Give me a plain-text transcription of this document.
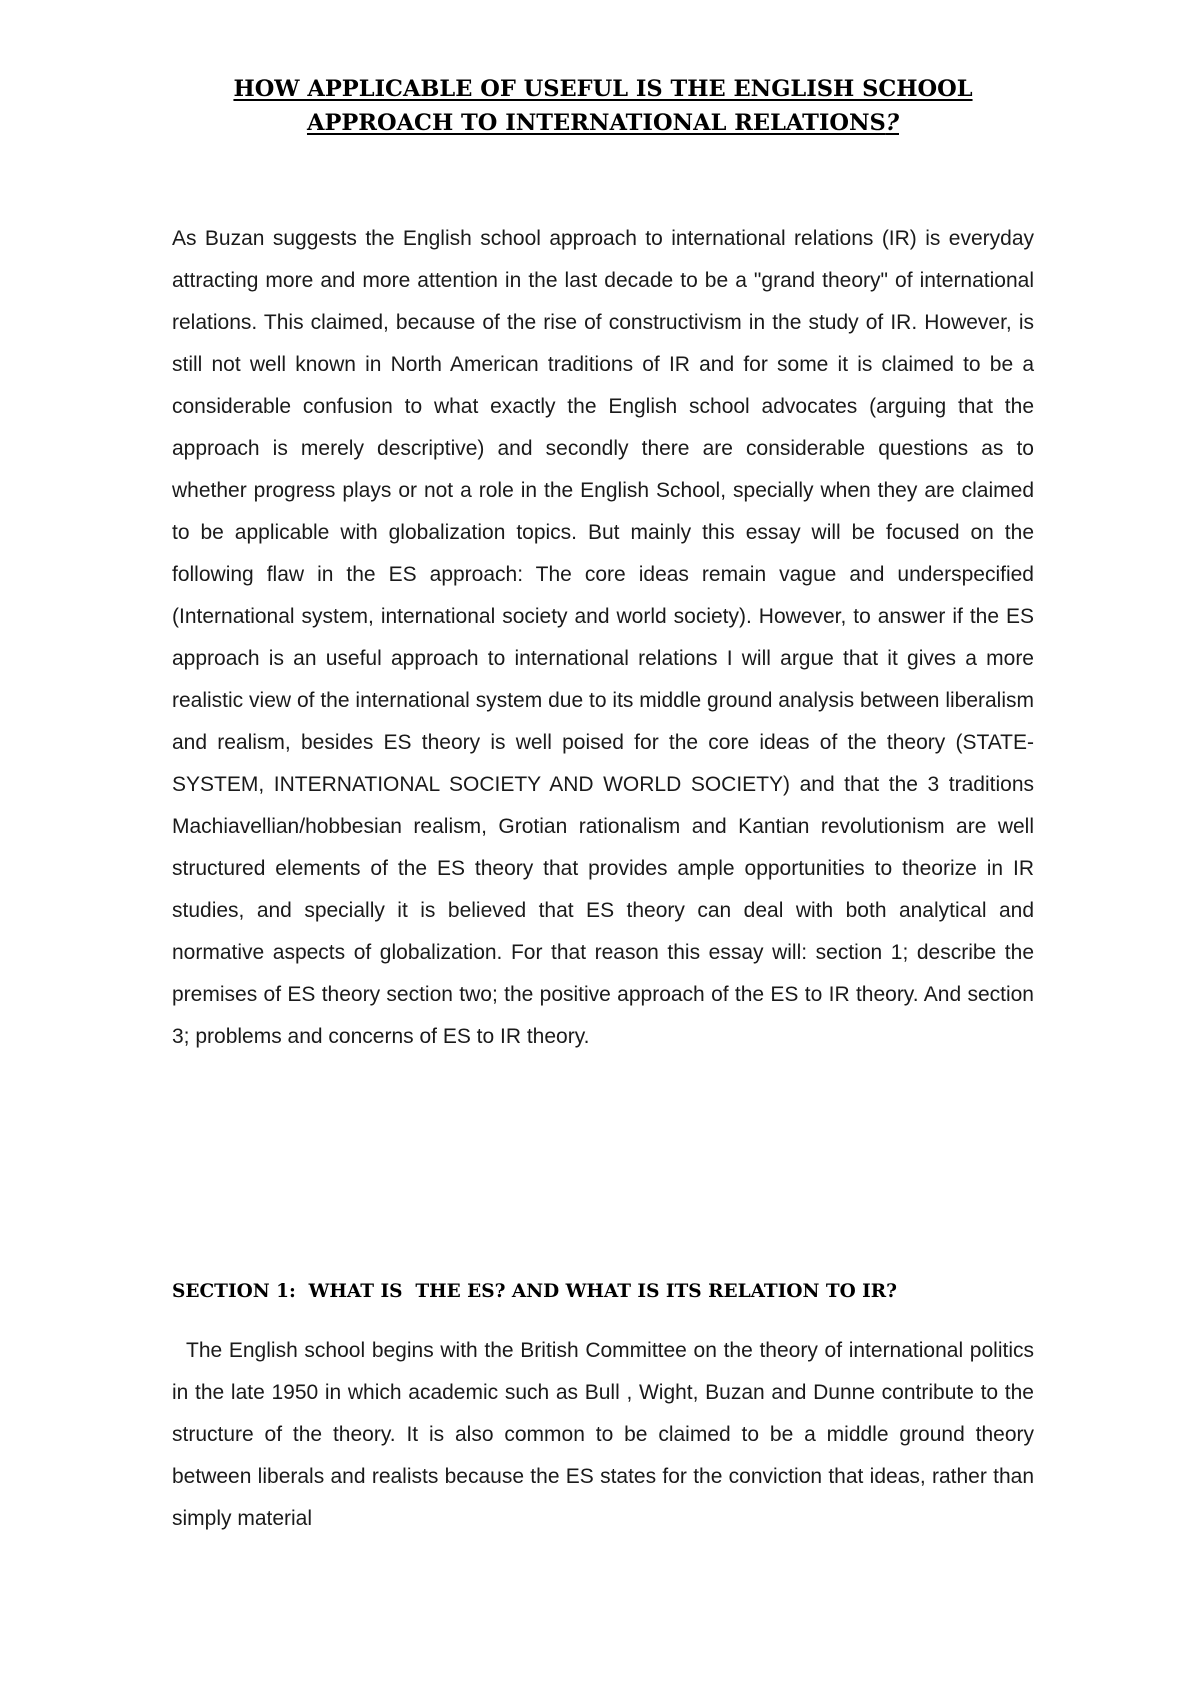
HOW APPLICABLE OF USEFUL IS THE ENGLISH SCHOOL
APPROACH TO INTERNATIONAL RELATIONS?

As Buzan suggests the English school approach to international relations (IR) is everyday attracting more and more attention in the last decade to be a "grand theory" of international relations. This claimed, because of the rise of constructivism in the study of IR. However, is still not well known in North American traditions of IR and for some it is claimed to be a considerable confusion to what exactly the English school advocates (arguing that the approach is merely descriptive) and secondly there are considerable questions as to whether progress plays or not a role in the English School, specially when they are claimed to be applicable with globalization topics. But mainly this essay will be focused on the following flaw in the ES approach: The core ideas remain vague and underspecified (International system, international society and world society). However, to answer if the ES approach is an useful approach to international relations I will argue that it gives a more realistic view of the international system due to its middle ground analysis between liberalism and realism, besides ES theory is well poised for the core ideas of the theory (STATE-SYSTEM, INTERNATIONAL SOCIETY AND WORLD SOCIETY) and that the 3 traditions Machiavellian/hobbesian realism, Grotian rationalism and Kantian revolutionism are well structured elements of the ES theory that provides ample opportunities to theorize in IR studies, and specially it is believed that ES theory can deal with both analytical and normative aspects of globalization. For that reason this essay will: section 1; describe the premises of ES theory section two; the positive approach of the ES to IR theory. And section 3; problems and concerns of ES to IR theory.

SECTION 1:  WHAT IS  THE ES? AND WHAT IS ITS RELATION TO IR?

The English school begins with the British Committee on the theory of international politics in the late 1950 in which academic such as Bull , Wight, Buzan and Dunne contribute to the structure of the theory. It is also common to be claimed to be a middle ground theory between liberals and realists because the ES states for the conviction that ideas, rather than simply material
